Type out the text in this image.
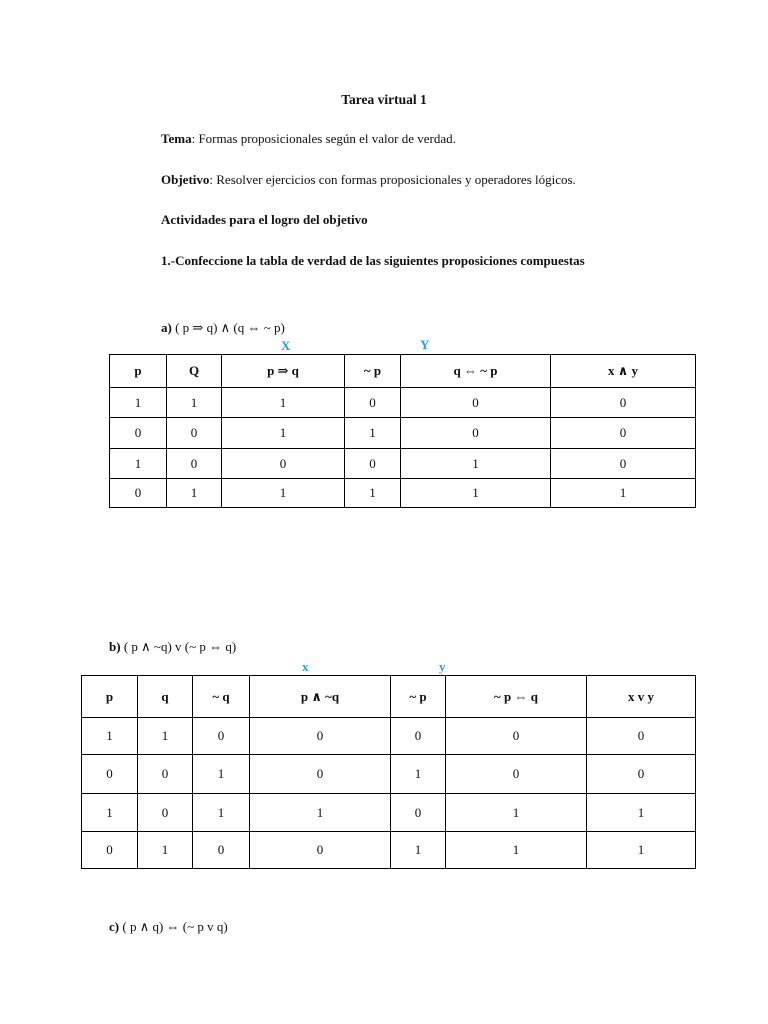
Tarea virtual 1
Tema: Formas proposicionales según el valor de verdad.
Objetivo: Resolver ejercicios con formas proposicionales y operadores lógicos.
Actividades para el logro del objetivo
1.-Confeccione la tabla de verdad de las siguientes proposiciones compuestas
a) ( p ⇒ q) ∧ (q ⇔ ~ p)
X	Y
p	Q	p ⇒ q	~ p	q ⇔ ~ p	x ∧ y
1	1	1	0	0	0
0	0	1	1	0	0
1	0	0	0	1	0
0	1	1	1	1	1
b) ( p ∧ ~q) v (~ p ⇔ q)
x	y
p	q	~ q	p ∧ ~q	~ p	~ p ⇔ q	x v y
1	1	0	0	0	0	0
0	0	1	0	1	0	0
1	0	1	1	0	1	1
0	1	0	0	1	1	1
c) ( p ∧ q) ⇔ (~ p v q)
